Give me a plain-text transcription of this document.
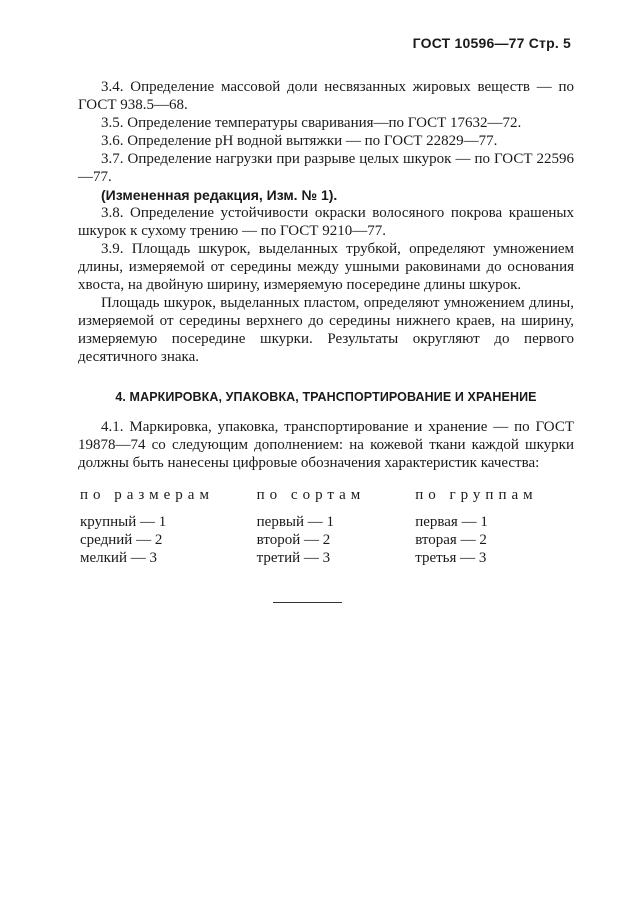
ГОСТ 10596—77 Стр. 5

3.4. Определение массовой доли несвязанных жировых веществ — по ГОСТ 938.5—68.

3.5. Определение температуры сваривания—по ГОСТ 17632—72.

3.6. Определение pH водной вытяжки — по ГОСТ 22829—77.

3.7. Определение нагрузки при разрыве целых шкурок — по ГОСТ 22596—77.

(Измененная редакция, Изм. № 1).

3.8. Определение устойчивости окраски волосяного покрова крашеных шкурок к сухому трению — по ГОСТ 9210—77.

3.9. Площадь шкурок, выделанных трубкой, определяют умножением длины, измеряемой от середины между ушными раковинами до основания хвоста, на двойную ширину, измеряемую посередине длины шкурок.

Площадь шкурок, выделанных пластом, определяют умножением длины, измеряемой от середины верхнего до середины нижнего краев, на ширину, измеряемую посередине шкурки. Результаты округляют до первого десятичного знака.

4. МАРКИРОВКА, УПАКОВКА, ТРАНСПОРТИРОВАНИЕ И ХРАНЕНИЕ

4.1. Маркировка, упаковка, транспортирование и хранение — по ГОСТ 19878—74 со следующим дополнением: на кожевой ткани каждой шкурки должны быть нанесены цифровые обозначения характеристик качества:

по размерам	по сортам	по группам
крупный — 1	первый — 1	первая — 1
средний — 2	второй — 2	вторая — 2
мелкий — 3	третий — 3	третья — 3
